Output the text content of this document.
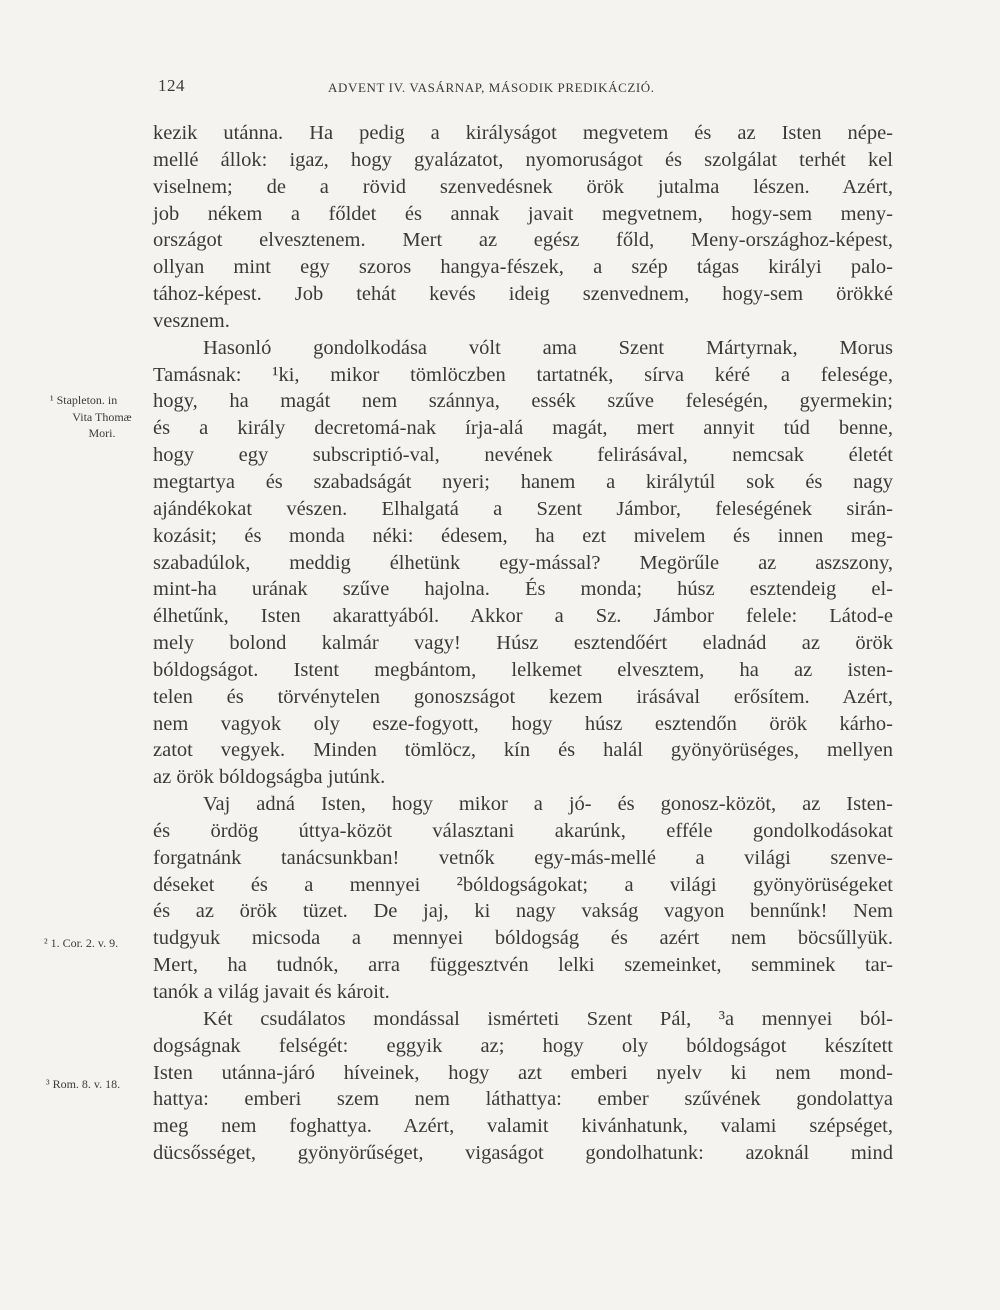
124	ADVENT IV. VASÁRNAP, MÁSODIK PREDIKÁCZIÓ.
kezik utánna. Ha pedig a királyságot megvetem és az Isten népe-
mellé állok: igaz, hogy gyalázatot, nyomoruságot és szolgálat terhét kel
viselnem; de a rövid szenvedésnek örök jutalma lészen. Azért,
job nékem a főldet és annak javait megvetnem, hogy-sem meny-
országot elvesztenem. Mert az egész főld, Meny-országhoz-képest,
ollyan mint egy szoros hangya-fészek, a szép tágas királyi palo-
tához-képest. Job tehát kevés ideig szenvednem, hogy-sem örökké
vesznem.
Hasonló gondolkodása vólt ama Szent Mártyrnak, Morus
Tamásnak: ¹ki, mikor tömlöczben tartatnék, sírva kéré a felesége,
hogy, ha magát nem szánnya, essék szűve feleségén, gyermekin;
és a király decretomá-nak írja-alá magát, mert annyit túd benne,
hogy egy subscriptió-val, nevének felirásával, nemcsak életét
megtartya és szabadságát nyeri; hanem a királytúl sok és nagy
ajándékokat vészen. Elhalgatá a Szent Jámbor, feleségének sirán-
kozásit; és monda néki: édesem, ha ezt mivelem és innen meg-
szabadúlok, meddig élhetünk egy-mással? Megörűle az aszszony,
mint-ha urának szűve hajolna. És monda; húsz esztendeig el-
élhetűnk, Isten akarattyából. Akkor a Sz. Jámbor felele: Látod-e
mely bolond kalmár vagy! Húsz esztendőért eladnád az örök
bóldogságot. Istent megbántom, lelkemet elvesztem, ha az isten-
telen és törvénytelen gonoszságot kezem irásával erősítem. Azért,
nem vagyok oly esze-fogyott, hogy húsz esztendőn örök kárho-
zatot vegyek. Minden tömlöcz, kín és halál gyönyörüséges, mellyen
az örök bóldogságba jutúnk.
Vaj adná Isten, hogy mikor a jó- és gonosz-közöt, az Isten-
és ördög úttya-közöt választani akarúnk, efféle gondolkodásokat
forgatnánk tanácsunkban! vetnők egy-más-mellé a világi szenve-
déseket és a mennyei ²bóldogságokat; a világi gyönyörüségeket
és az örök tüzet. De jaj, ki nagy vakság vagyon bennűnk! Nem
tudgyuk micsoda a mennyei bóldogság és azért nem böcsűllyük.
Mert, ha tudnók, arra függesztvén lelki szemeinket, semminek tar-
tanók a világ javait és károit.
Két csudálatos mondással ismérteti Szent Pál, ³a mennyei ból-
dogságnak felségét: eggyik az; hogy oly bóldogságot készített
Isten utánna-járó híveinek, hogy azt emberi nyelv ki nem mond-
hattya: emberi szem nem láthattya: ember szűvének gondolattya
meg nem foghattya. Azért, valamit kivánhatunk, valami szépséget,
dücsősséget, gyönyörűséget, vigaságot gondolhatunk: azoknál mind
¹ Stapleton. in
Vita Thomæ
Mori.
² 1. Cor. 2. v. 9.
³ Rom. 8. v. 18.
